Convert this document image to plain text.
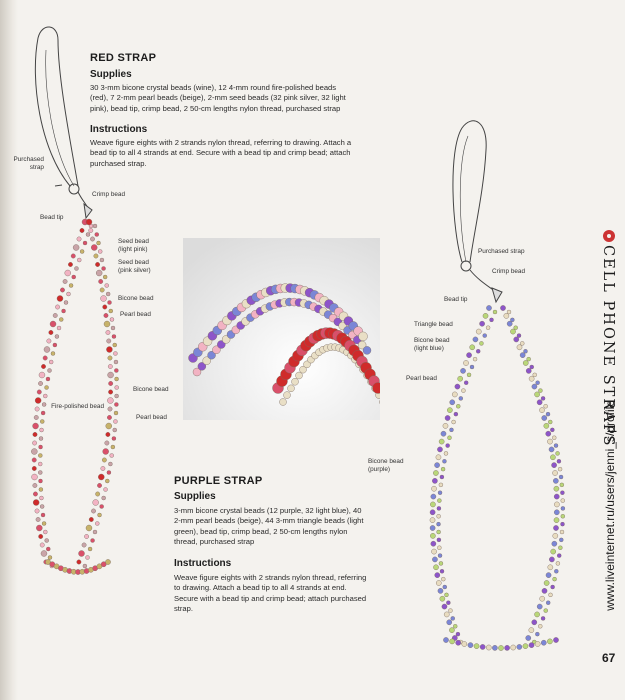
RED STRAP
Supplies
30 3-mm bicone crystal beads (wine), 12 4-mm round fire-polished beads
(red), 7 2-mm pearl beads (beige), 2-mm seed beads (32 pink silver, 32 light
pink), bead tip, crimp bead, 2 50-cm lengths nylon thread, purchased strap
Instructions
Weave figure eights with 2 strands nylon thread, referring to drawing. Attach a
bead tip to all 4 strands at end. Secure with a bead tip and crimp bead; attach
purchased strap.
Purchased
strap
Crimp bead
Bead tip
Seed bead
(light pink)
Seed bead
(pink silver)
Bicone bead
Pearl bead
Bicone bead
Fire-polished bead
Pearl bead
PURPLE STRAP
Supplies
3-mm bicone crystal beads (12 purple, 32 light blue), 40
2-mm pearl beads (beige), 44 3-mm triangle beads (light
green), bead tip, crimp bead, 2 50-cm lengths nylon
thread, purchased strap
Instructions
Weave figure eights with 2 strands nylon thread, referring
to drawing. Attach a bead tip to all 4 strands at end.
Secure with a bead tip and crimp bead; attach purchased
strap.
Purchased strap
Crimp bead
Bead tip
Triangle bead
Bicone bead
(light blue)
Pearl bead
Bicone bead
(purple)
CELL PHONE STRAPS
www.liveinternet.ru/users/jenni_s/profile
67
